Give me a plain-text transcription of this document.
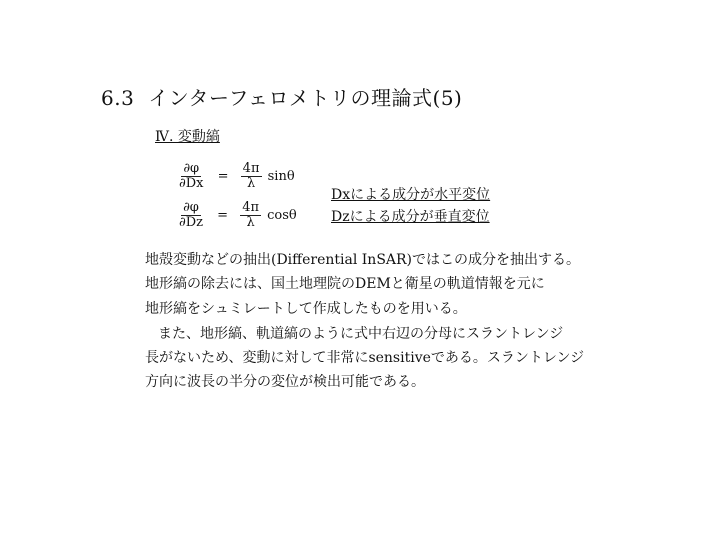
6.3 インターフェロメトリの理論式(5)
Ⅳ. 変動縞
$\frac{\partial\varphi}{\partial Dx} = \frac{4\pi}{\lambda}$ sinθ
$\frac{\partial\varphi}{\partial Dz} = \frac{4\pi}{\lambda}$ cosθ
Dxによる成分が水平変位
Dzによる成分が垂直変位
地殻変動などの抽出(Differential InSAR)ではこの成分を抽出する。
地形縞の除去には、国土地理院のDEMと衛星の軌道情報を元に
地形縞をシュミレートして作成したものを用いる。
また、地形縞、軌道縞のように式中右辺の分母にスラントレンジ
長がないため、変動に対して非常にsensitiveである。スラントレンジ
方向に波長の半分の変位が検出可能である。
